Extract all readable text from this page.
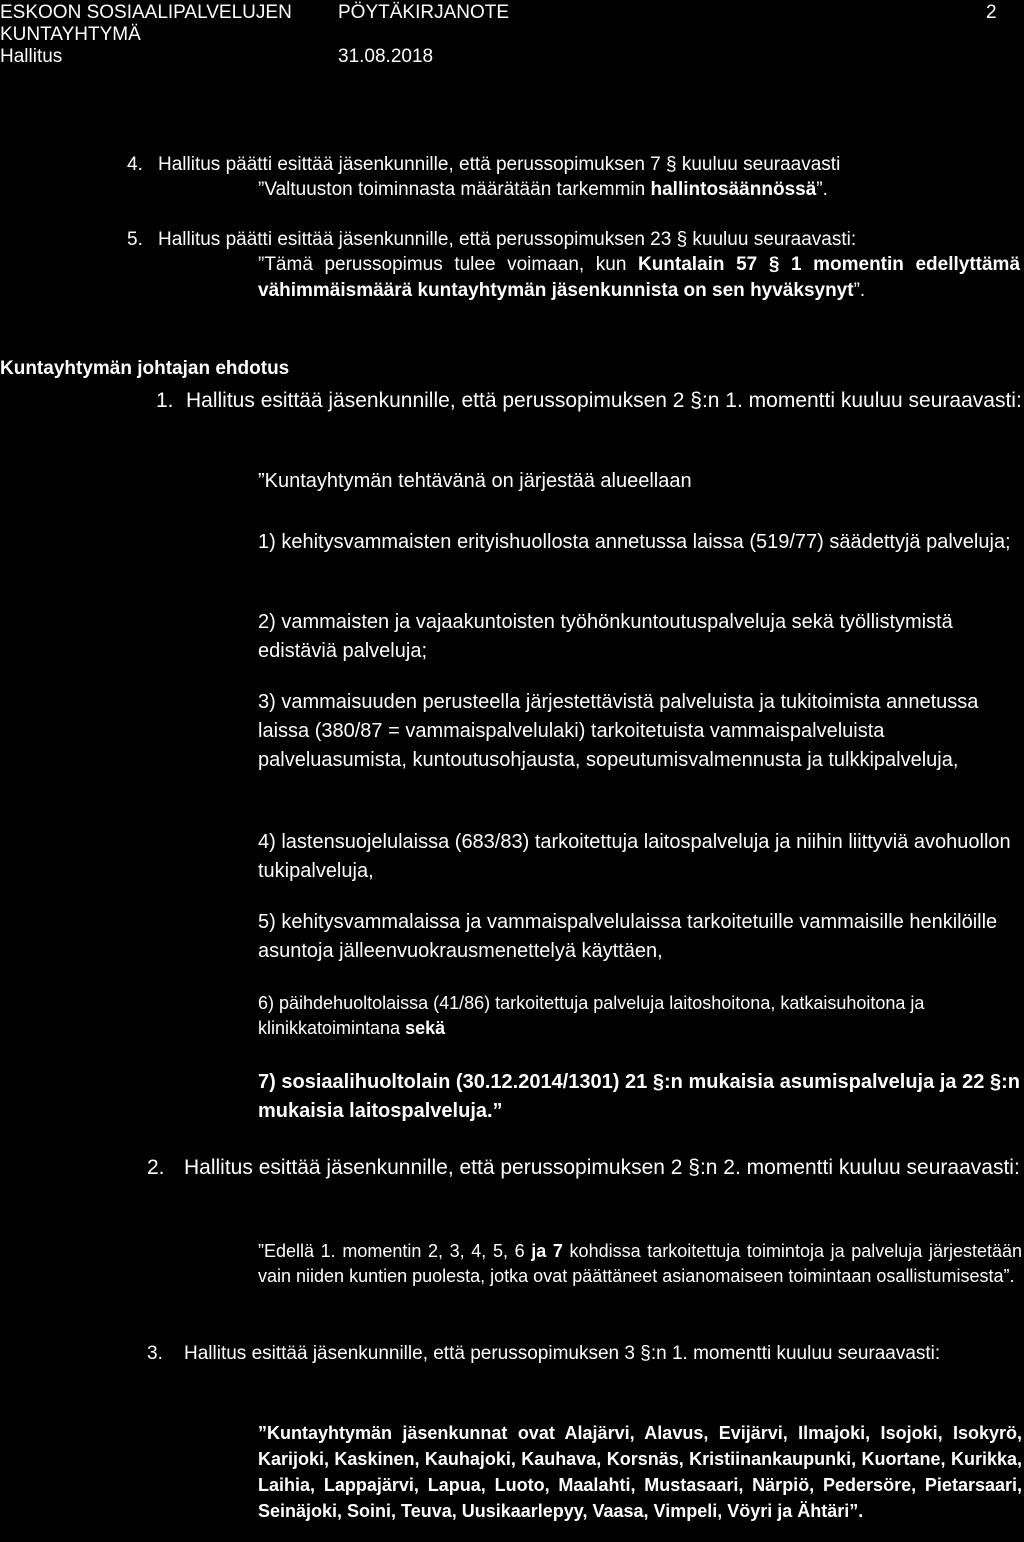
ESKOON SOSIAALIPALVELUJEN
KUNTAYHTYMÄ
Hallitus
PÖYTÄKIRJANOTE
31.08.2018
2
4. Hallitus päätti esittää jäsenkunnille, että perussopimuksen 7 § kuuluu seuraavasti

”Valtuuston toiminnasta määrätään tarkemmin hallintosäännössä”.

5. Hallitus päätti esittää jäsenkunnille, että perussopimuksen 23 § kuuluu seuraavasti:

”Tämä perussopimus tulee voimaan, kun Kuntalain 57 § 1 momentin edellyttämä vähimmäismäärä kuntayhtymän jäsenkunnista on sen hyväksynyt”.

Kuntayhtymän johtajan ehdotus
1. Hallitus esittää jäsenkunnille, että perussopimuksen 2 §:n 1. momentti kuuluu seuraavasti:

”Kuntayhtymän tehtävänä on järjestää alueellaan

1) kehitysvammaisten erityishuollosta annetussa laissa (519/77) säädettyjä palveluja;

2) vammaisten ja vajaakuntoisten työhönkuntoutuspalveluja sekä työllistymistä edistäviä palveluja;

3) vammaisuuden perusteella järjestettävistä palveluista ja tukitoimista annetussa laissa (380/87 = vammaispalvelulaki) tarkoitetuista vammaispalveluista palveluasumista, kuntoutusohjausta, sopeutumisvalmennusta ja tulkkipalveluja,

4) lastensuojelulaissa (683/83) tarkoitettuja laitospalveluja ja niihin liittyviä avohuollon tukipalveluja,

5) kehitysvammalaissa ja vammaispalvelulaissa tarkoitetuille vammaisille henkilöille asuntoja jälleenvuokrausmenettelyä käyttäen,

6) päihdehuoltolaissa (41/86) tarkoitettuja palveluja laitoshoitona, katkaisuhoitona ja klinikkatoimintana sekä

7) sosiaalihuoltolain (30.12.2014/1301) 21 §:n mukaisia asumispalveluja ja 22 §:n mukaisia laitospalveluja.”

2. Hallitus esittää jäsenkunnille, että perussopimuksen 2 §:n 2. momentti kuuluu seuraavasti:

”Edellä 1. momentin 2, 3, 4, 5, 6 ja 7 kohdissa tarkoitettuja toimintoja ja palveluja järjestetään vain niiden kuntien puolesta, jotka ovat päättäneet asianomaiseen toimintaan osallistumisesta”.

3. Hallitus esittää jäsenkunnille, että perussopimuksen 3 §:n 1. momentti kuuluu seuraavasti:

”Kuntayhtymän jäsenkunnat ovat Alajärvi, Alavus, Evijärvi, Ilmajoki, Isojoki, Isokyrö, Karijoki, Kaskinen, Kauhajoki, Kauhava, Korsnäs, Kristiinankaupunki, Kuortane, Kurikka, Laihia, Lappajärvi, Lapua, Luoto, Maalahti, Mustasaari, Närpiö, Pedersöre, Pietarsaari, Seinäjoki, Soini, Teuva, Uusikaarlepyy, Vaasa, Vimpeli, Vöyri ja Ähtäri”.
